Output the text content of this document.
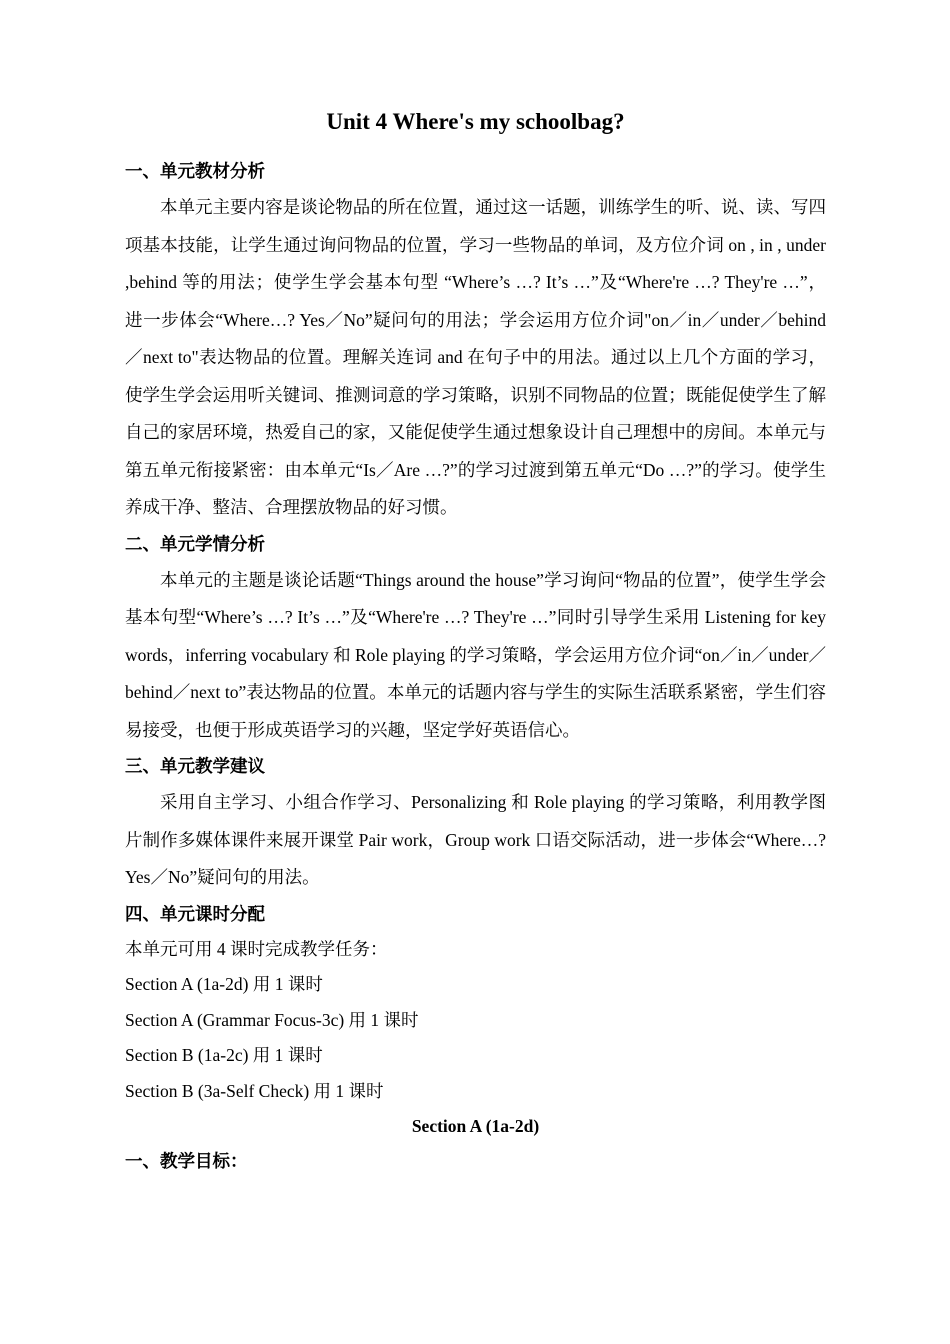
Unit 4 Where's my schoolbag?

一、单元教材分析

本单元主要内容是谈论物品的所在位置，通过这一话题，训练学生的听、说、读、写四项基本技能，让学生通过询问物品的位置，学习一些物品的单词，及方位介词 on , in , under ,behind 等的用法；使学生学会基本句型 “Where’s …? It’s …”及“Where're …? They're …”， 进一步体会“Where…? Yes／No”疑问句的用法；学会运用方位介词"on／in／under／behind／next to"表达物品的位置。理解关连词 and 在句子中的用法。通过以上几个方面的学习，使学生学会运用听关键词、推测词意的学习策略，识别不同物品的位置；既能促使学生了解自己的家居环境，热爱自己的家，又能促使学生通过想象设计自己理想中的房间。本单元与第五单元衔接紧密：由本单元“Is／Are …?”的学习过渡到第五单元“Do …?”的学习。使学生养成干净、整洁、合理摆放物品的好习惯。

二、单元学情分析

本单元的主题是谈论话题“Things around the house”学习询问“物品的位置”，使学生学会基本句型“Where’s …? It’s …”及“Where're …? They're …”同时引导学生采用 Listening for key words，inferring vocabulary 和 Role playing 的学习策略，学会运用方位介词“on／in／under／behind／next to”表达物品的位置。本单元的话题内容与学生的实际生活联系紧密，学生们容易接受，也便于形成英语学习的兴趣，坚定学好英语信心。

三、单元教学建议

采用自主学习、小组合作学习、Personalizing 和 Role playing 的学习策略，利用教学图片制作多媒体课件来展开课堂 Pair work，Group work 口语交际活动，进一步体会“Where…? Yes／No”疑问句的用法。

四、单元课时分配

本单元可用 4 课时完成教学任务：

Section A (1a-2d) 用 1 课时

Section A (Grammar Focus-3c) 用 1 课时

Section B (1a-2c) 用 1 课时

Section B (3a-Self Check) 用 1 课时

Section A (1a-2d)

一、教学目标：
